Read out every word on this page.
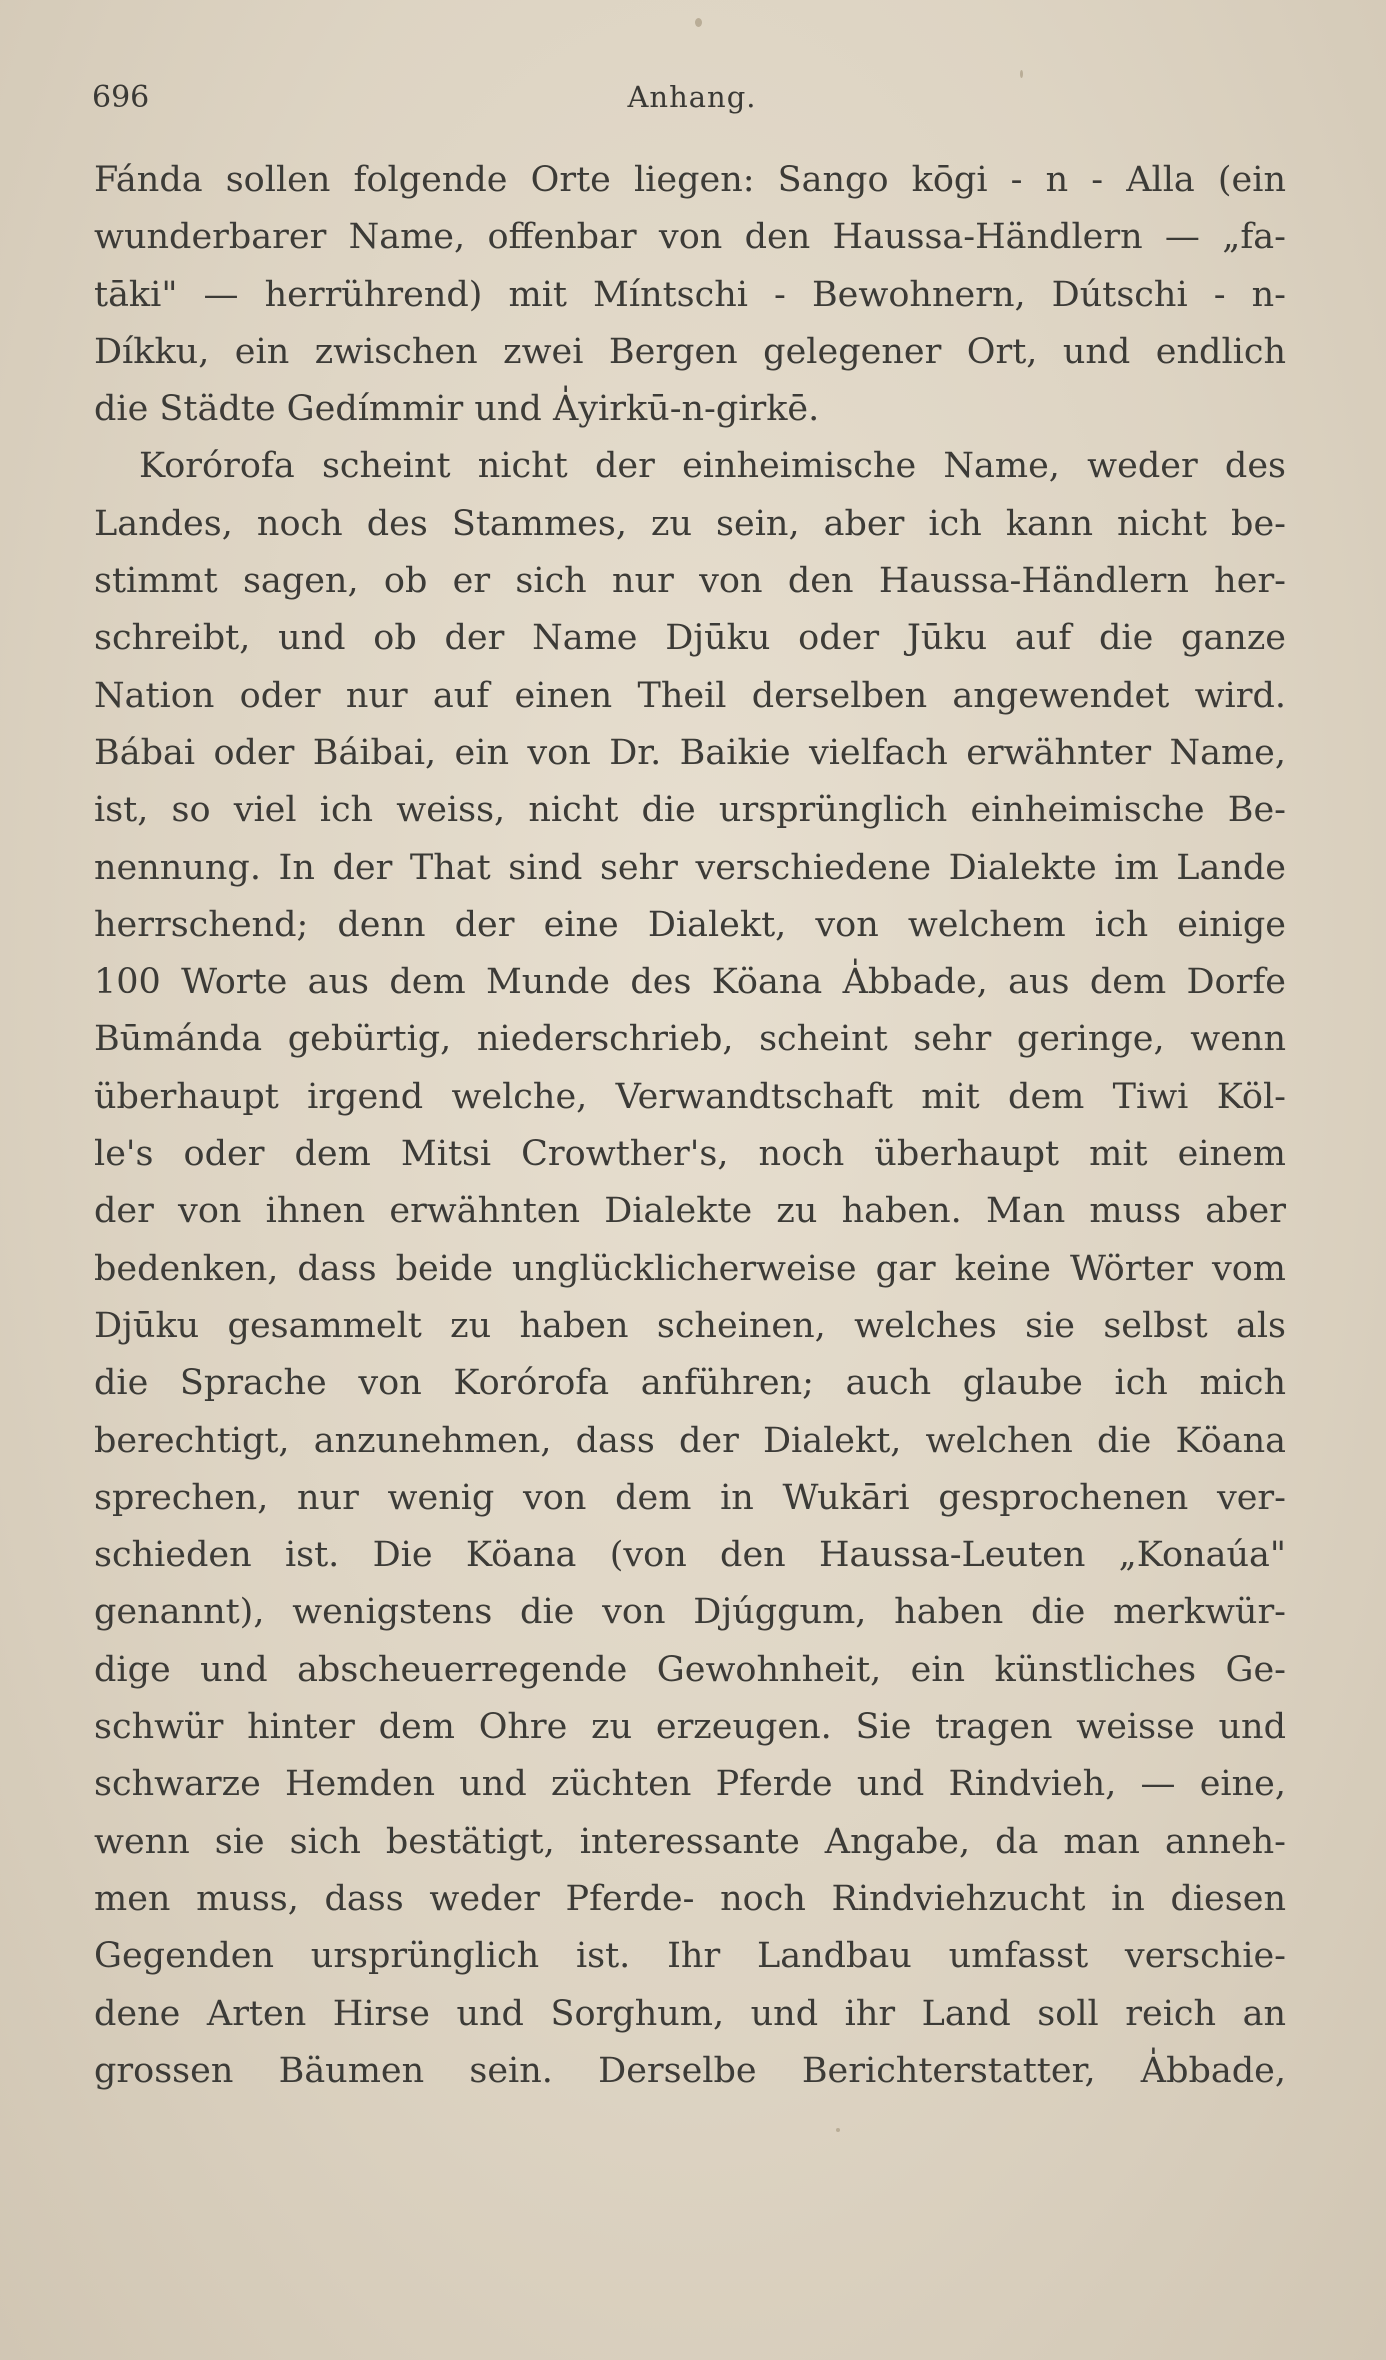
696	Anhang.
Fánda sollen folgende Orte liegen: Sango kōgi - n - Alla (ein
wunderbarer Name, offenbar von den Haussa-Händlern — „fa-
tāki" — herrührend) mit Míntschi - Bewohnern, Dútschi - n-
Díkku, ein zwischen zwei Bergen gelegener Ort, und endlich
die Städte Gedímmir und A̍yirkū-n-girkē.
Korórofa scheint nicht der einheimische Name, weder des
Landes, noch des Stammes, zu sein, aber ich kann nicht be-
stimmt sagen, ob er sich nur von den Haussa-Händlern her-
schreibt, und ob der Name Djūku oder Jūku auf die ganze
Nation oder nur auf einen Theil derselben angewendet wird.
Bábai oder Báibai, ein von Dr. Baikie vielfach erwähnter Name,
ist, so viel ich weiss, nicht die ursprünglich einheimische Be-
nennung. In der That sind sehr verschiedene Dialekte im Lande
herrschend; denn der eine Dialekt, von welchem ich einige
100 Worte aus dem Munde des Köana A̍bbade, aus dem Dorfe
Būmánda gebürtig, niederschrieb, scheint sehr geringe, wenn
überhaupt irgend welche, Verwandtschaft mit dem Tiwi Köl-
le's oder dem Mitsi Crowther's, noch überhaupt mit einem
der von ihnen erwähnten Dialekte zu haben. Man muss aber
bedenken, dass beide unglücklicherweise gar keine Wörter vom
Djūku gesammelt zu haben scheinen, welches sie selbst als
die Sprache von Korórofa anführen; auch glaube ich mich
berechtigt, anzunehmen, dass der Dialekt, welchen die Köana
sprechen, nur wenig von dem in Wukāri gesprochenen ver-
schieden ist. Die Köana (von den Haussa-Leuten „Konaúa"
genannt), wenigstens die von Djúggum, haben die merkwür-
dige und abscheuerregende Gewohnheit, ein künstliches Ge-
schwür hinter dem Ohre zu erzeugen. Sie tragen weisse und
schwarze Hemden und züchten Pferde und Rindvieh, — eine,
wenn sie sich bestätigt, interessante Angabe, da man anneh-
men muss, dass weder Pferde- noch Rindviehzucht in diesen
Gegenden ursprünglich ist. Ihr Landbau umfasst verschie-
dene Arten Hirse und Sorghum, und ihr Land soll reich an
grossen Bäumen sein. Derselbe Berichterstatter, A̍bbade,
